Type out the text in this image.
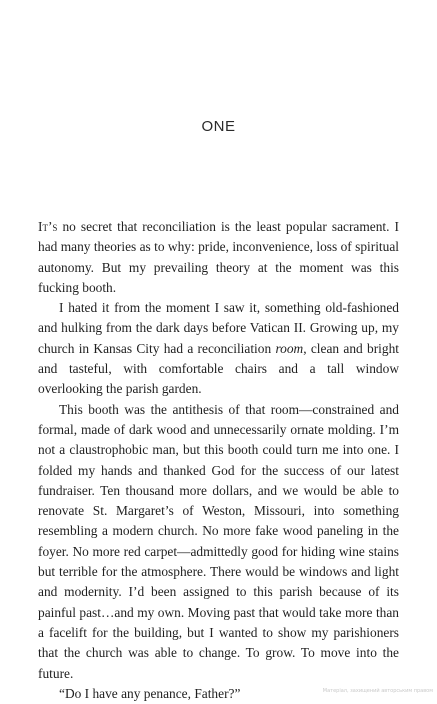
ONE

It’s no secret that reconciliation is the least popular sacrament. I had many theories as to why: pride, inconvenience, loss of spiritual autonomy. But my prevailing theory at the moment was this fucking booth.

I hated it from the moment I saw it, something old-fashioned and hulking from the dark days before Vatican II. Growing up, my church in Kansas City had a reconciliation room, clean and bright and tasteful, with comfortable chairs and a tall window overlooking the parish garden.

This booth was the antithesis of that room—constrained and formal, made of dark wood and unnecessarily ornate molding. I’m not a claustrophobic man, but this booth could turn me into one. I folded my hands and thanked God for the success of our latest fundraiser. Ten thousand more dollars, and we would be able to renovate St. Margaret’s of Weston, Missouri, into something resembling a modern church. No more fake wood paneling in the foyer. No more red carpet—admittedly good for hiding wine stains but terrible for the atmosphere. There would be windows and light and modernity. I’d been assigned to this parish because of its painful past…and my own. Moving past that would take more than a facelift for the building, but I wanted to show my parishioners that the church was able to change. To grow. To move into the future.

“Do I have any penance, Father?”	Матеріал, захищений авторським правом
